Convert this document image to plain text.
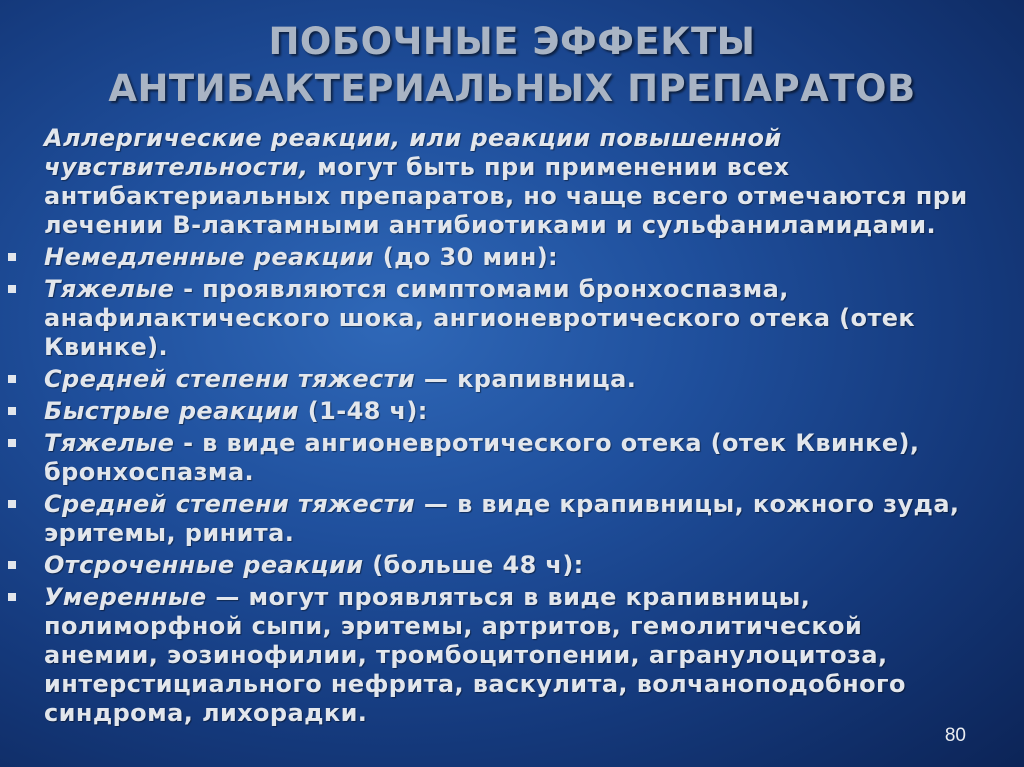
ПОБОЧНЫЕ ЭФФЕКТЫ
АНТИБАКТЕРИАЛЬНЫХ ПРЕПАРАТОВ

Аллергические реакции, или реакции повышенной чувствительности, могут быть при применении всех антибактериальных препаратов, но чаще всего отмечаются при лечении В-лактамными антибиотиками и сульфаниламидами.

Немедленные реакции (до 30 мин):
Тяжелые - проявляются симптомами бронхоспазма, анафилактического шока, ангионевротического отека (отек Квинке).
Средней степени тяжести — крапивница.
Быстрые реакции (1-48 ч):
Тяжелые - в виде ангионевротического отека (отек Квинке), бронхоспазма.
Средней степени тяжести — в виде крапивницы, кожного зуда, эритемы, ринита.
Отсроченные реакции (больше 48 ч):
Умеренные — могут проявляться в виде крапивницы, полиморфной сыпи, эритемы, артритов, гемолитической анемии, эозинофилии, тромбоцитопении, агранулоцитоза, интерстициального нефрита, васкулита, волчаноподобного синдрома, лихорадки.
80
